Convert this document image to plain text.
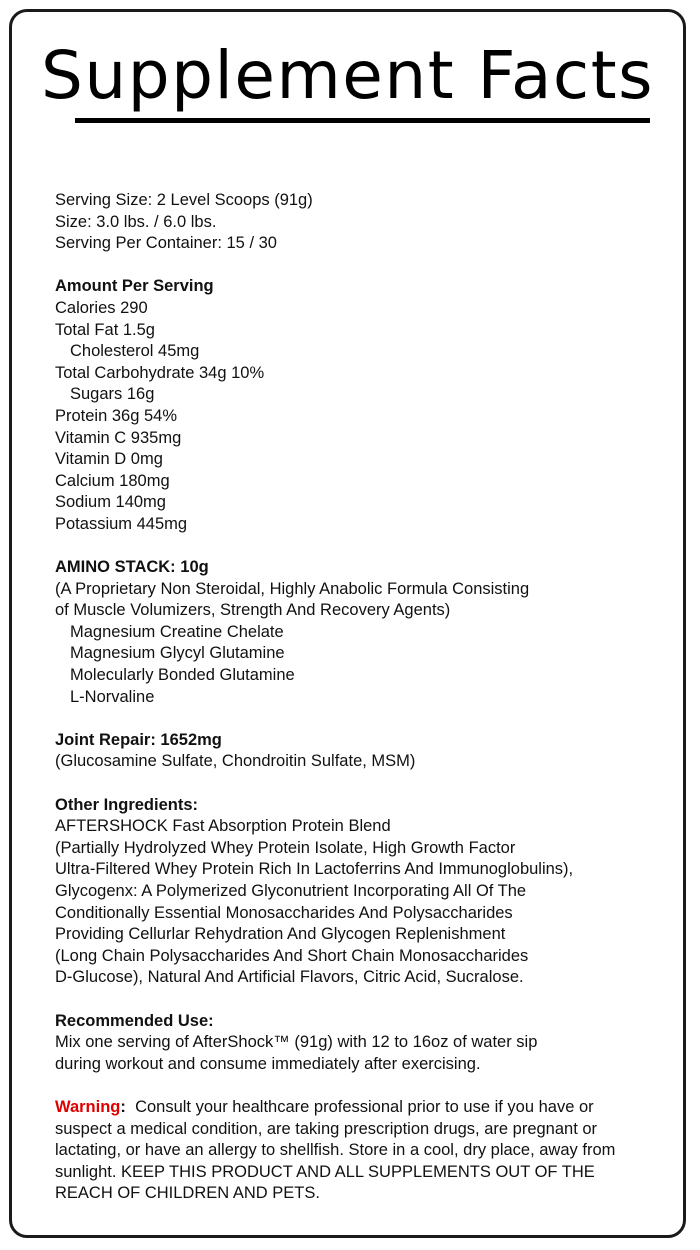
Supplement Facts
Serving Size: 2 Level Scoops (91g)
Size: 3.0 lbs. / 6.0 lbs.
Serving Per Container: 15 / 30
Amount Per Serving
Calories 290
Total Fat 1.5g
Cholesterol 45mg
Total Carbohydrate 34g 10%
Sugars 16g
Protein 36g 54%
Vitamin C 935mg
Vitamin D 0mg
Calcium 180mg
Sodium 140mg
Potassium 445mg
AMINO STACK: 10g
(A Proprietary Non Steroidal, Highly Anabolic Formula Consisting
of Muscle Volumizers, Strength And Recovery Agents)
Magnesium Creatine Chelate
Magnesium Glycyl Glutamine
Molecularly Bonded Glutamine
L-Norvaline
Joint Repair: 1652mg
(Glucosamine Sulfate, Chondroitin Sulfate, MSM)
Other Ingredients:
AFTERSHOCK Fast Absorption Protein Blend
(Partially Hydrolyzed Whey Protein Isolate, High Growth Factor
Ultra-Filtered Whey Protein Rich In Lactoferrins And Immunoglobulins),
Glycogenx: A Polymerized Glyconutrient Incorporating All Of The
Conditionally Essential Monosaccharides And Polysaccharides
Providing Cellurlar Rehydration And Glycogen Replenishment
(Long Chain Polysaccharides And Short Chain Monosaccharides
D-Glucose), Natural And Artificial Flavors, Citric Acid, Sucralose.
Recommended Use:
Mix one serving of AfterShock™ (91g) with 12 to 16oz of water sip
during workout and consume immediately after exercising.
Warning: Consult your healthcare professional prior to use if you have or
suspect a medical condition, are taking prescription drugs, are pregnant or
lactating, or have an allergy to shellfish. Store in a cool, dry place, away from
sunlight. KEEP THIS PRODUCT AND ALL SUPPLEMENTS OUT OF THE
REACH OF CHILDREN AND PETS.
